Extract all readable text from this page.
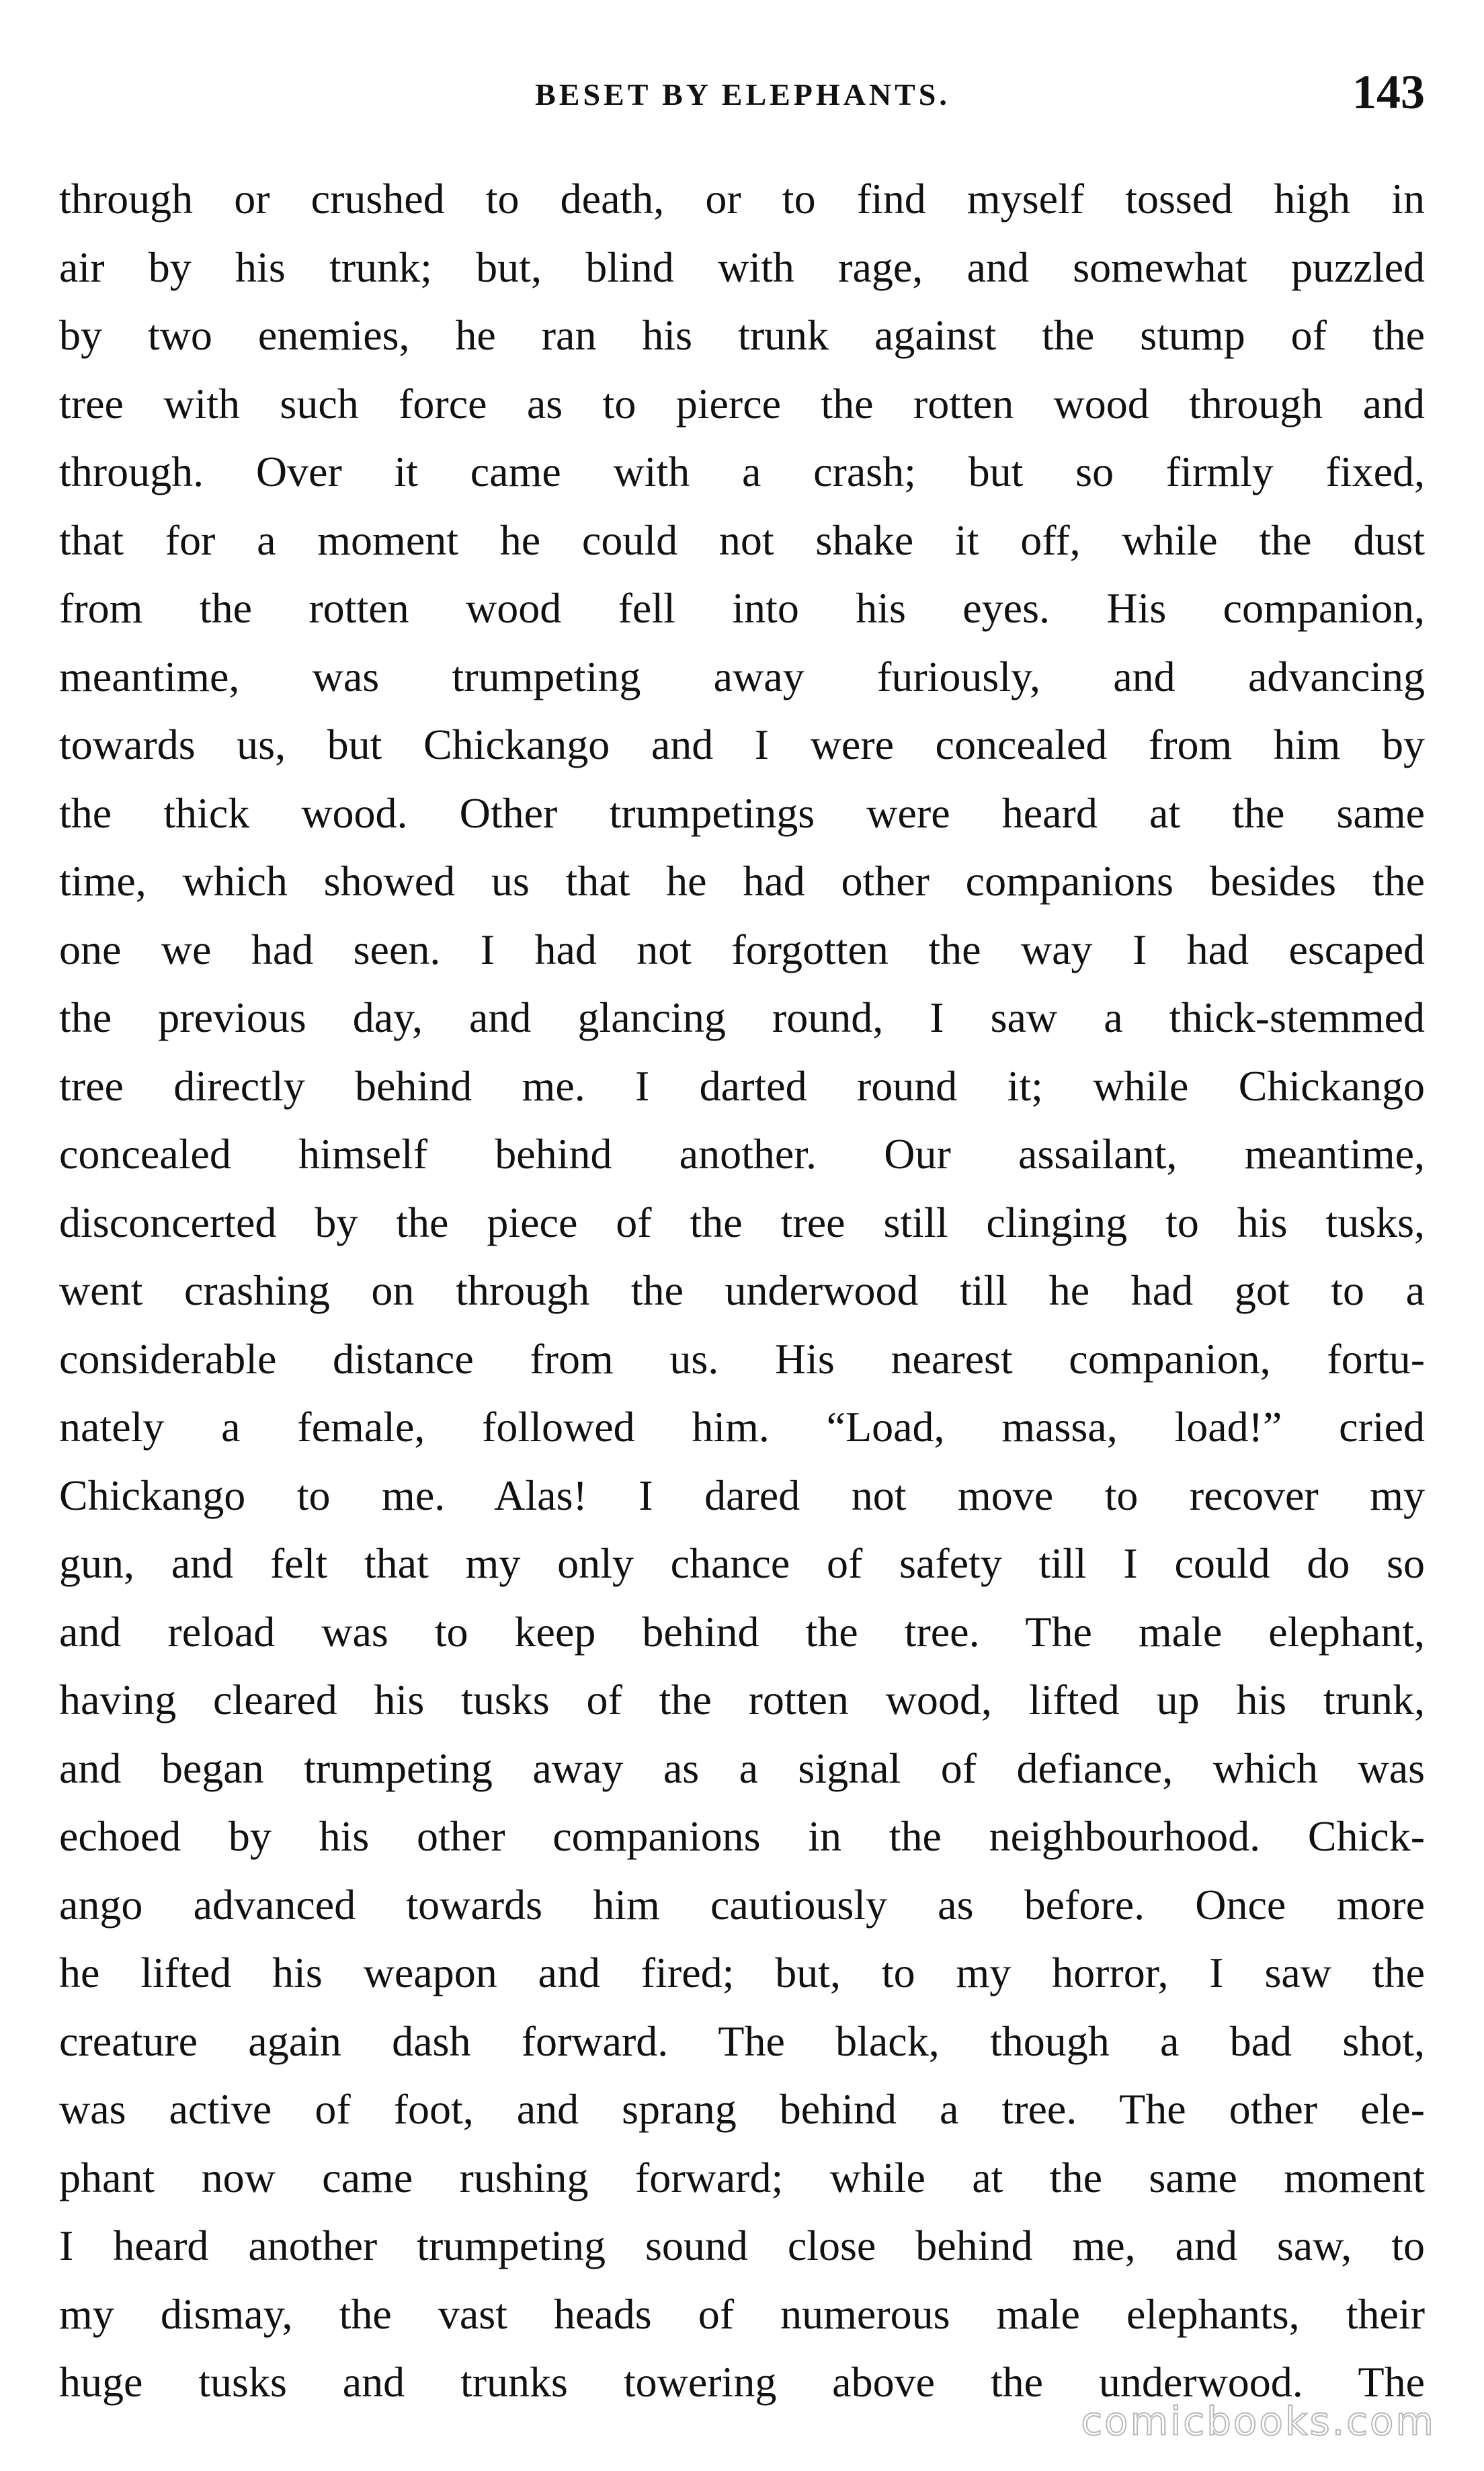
BESET BY ELEPHANTS.	143
through or crushed to death, or to find myself tossed high in
air by his trunk; but, blind with rage, and somewhat puzzled
by two enemies, he ran his trunk against the stump of the
tree with such force as to pierce the rotten wood through and
through. Over it came with a crash; but so firmly fixed,
that for a moment he could not shake it off, while the dust
from the rotten wood fell into his eyes. His companion,
meantime, was trumpeting away furiously, and advancing
towards us, but Chickango and I were concealed from him by
the thick wood. Other trumpetings were heard at the same
time, which showed us that he had other companions besides the
one we had seen. I had not forgotten the way I had escaped
the previous day, and glancing round, I saw a thick-stemmed
tree directly behind me. I darted round it; while Chickango
concealed himself behind another. Our assailant, meantime,
disconcerted by the piece of the tree still clinging to his tusks,
went crashing on through the underwood till he had got to a
considerable distance from us. His nearest companion, fortu-
nately a female, followed him. “Load, massa, load!” cried
Chickango to me. Alas! I dared not move to recover my
gun, and felt that my only chance of safety till I could do so
and reload was to keep behind the tree. The male elephant,
having cleared his tusks of the rotten wood, lifted up his trunk,
and began trumpeting away as a signal of defiance, which was
echoed by his other companions in the neighbourhood. Chick-
ango advanced towards him cautiously as before. Once more
he lifted his weapon and fired; but, to my horror, I saw the
creature again dash forward. The black, though a bad shot,
was active of foot, and sprang behind a tree. The other ele-
phant now came rushing forward; while at the same moment
I heard another trumpeting sound close behind me, and saw, to
my dismay, the vast heads of numerous male elephants, their
huge tusks and trunks towering above the underwood. The
comicbooks.com
